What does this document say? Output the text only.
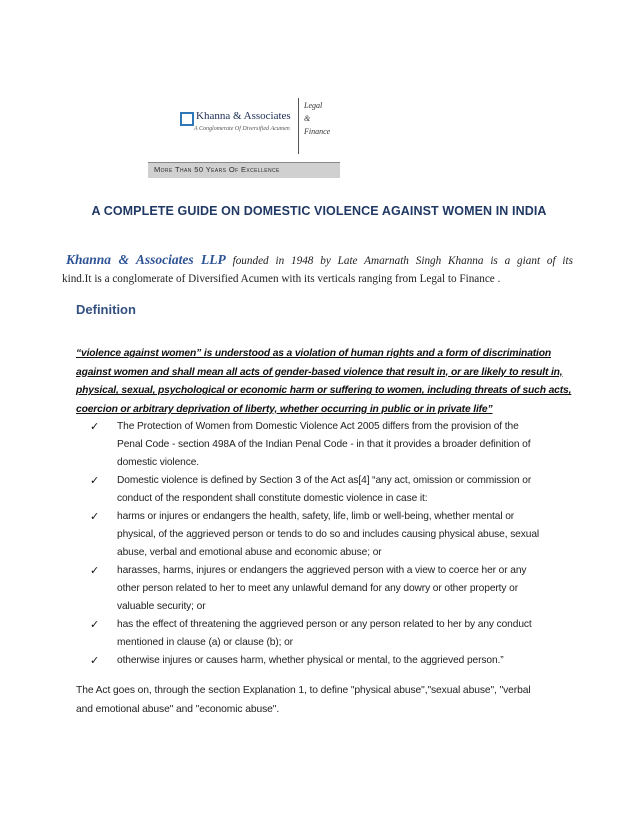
Khanna & Associates
A Conglomerate Of Diversified Acumen
Legal
&
Finance
More Than 50 Years Of Excellence
A COMPLETE GUIDE ON DOMESTIC VIOLENCE AGAINST WOMEN IN INDIA

Khanna & Associates LLP founded in 1948 by Late Amarnath Singh Khanna is a giant of its
kind.It is a conglomerate of Diversified Acumen with its verticals ranging from Legal to Finance .

Definition

“violence against women” is understood as a violation of human rights and a form of discrimination
against women and shall mean all acts of gender-based violence that result in, or are likely to result in,
physical, sexual, psychological or economic harm or suffering to women, including threats of such acts,
coercion or arbitrary deprivation of liberty, whether occurring in public or in private life”

✓ The Protection of Women from Domestic Violence Act 2005 differs from the provision of the
Penal Code - section 498A of the Indian Penal Code - in that it provides a broader definition of
domestic violence.
✓ Domestic violence is defined by Section 3 of the Act as[4] “any act, omission or commission or
conduct of the respondent shall constitute domestic violence in case it:
✓ harms or injures or endangers the health, safety, life, limb or well-being, whether mental or
physical, of the aggrieved person or tends to do so and includes causing physical abuse, sexual
abuse, verbal and emotional abuse and economic abuse; or
✓ harasses, harms, injures or endangers the aggrieved person with a view to coerce her or any
other person related to her to meet any unlawful demand for any dowry or other property or
valuable security; or
✓ has the effect of threatening the aggrieved person or any person related to her by any conduct
mentioned in clause (a) or clause (b); or
✓ otherwise injures or causes harm, whether physical or mental, to the aggrieved person.”

The Act goes on, through the section Explanation 1, to define "physical abuse","sexual abuse", "verbal
and emotional abuse" and "economic abuse".
